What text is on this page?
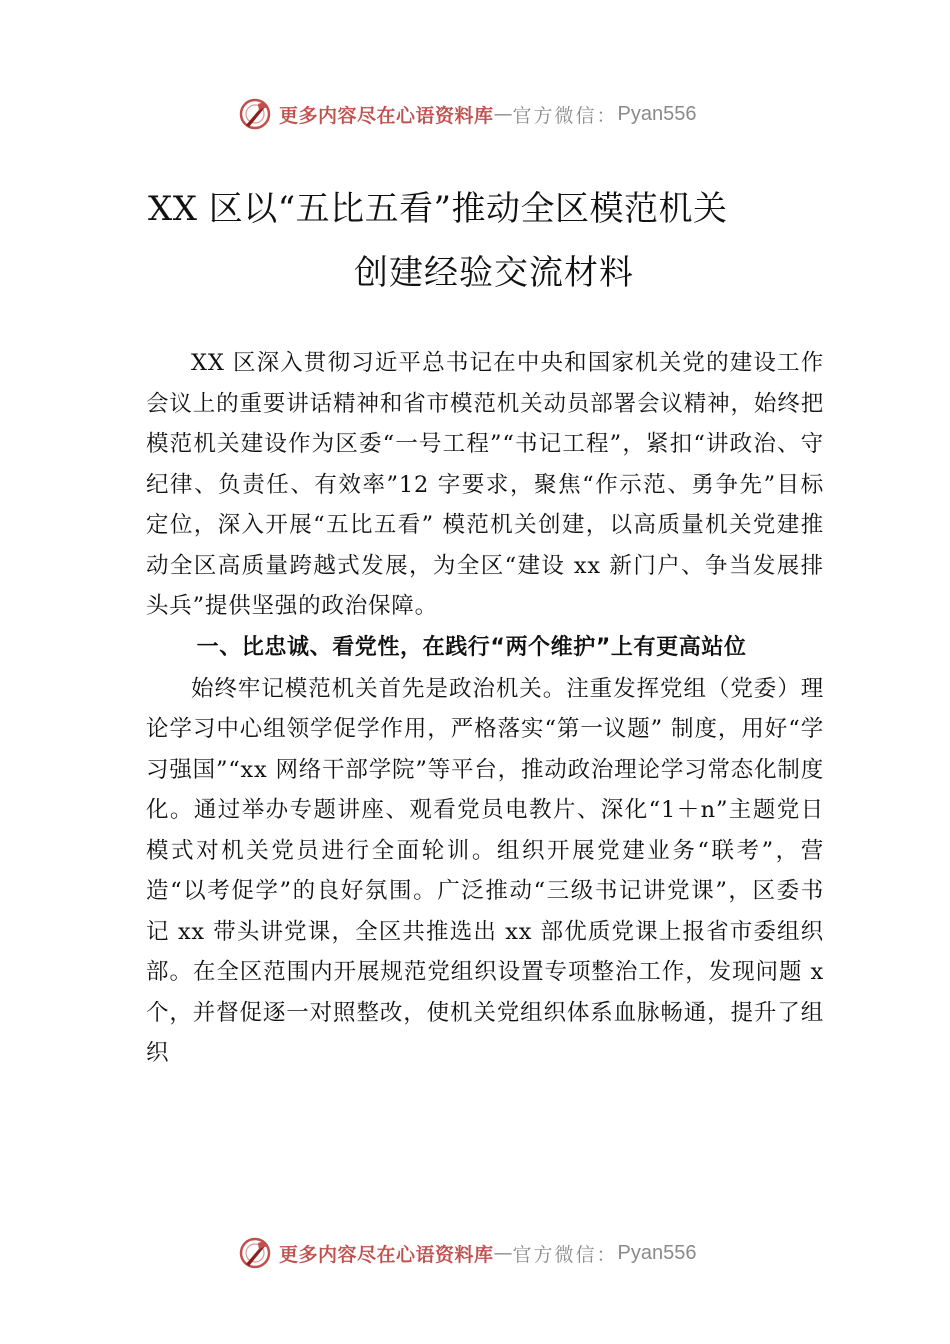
更多内容尽在心语资料库 — 官方微信： Pyan556
XX 区以“五比五看”推动全区模范机关
创建经验交流材料

XX 区深入贯彻习近平总书记在中央和国家机关党的建设工作会议上的重要讲话精神和省市模范机关动员部署会议精神，始终把模范机关建设作为区委“一号工程”“书记工程”，紧扣“讲政治、守纪律、负责任、有效率”12 字要求，聚焦“作示范、勇争先”目标定位，深入开展“五比五看” 模范机关创建，以高质量机关党建推动全区高质量跨越式发展，为全区“建设 xx 新门户、争当发展排头兵”提供坚强的政治保障。

一、比忠诚、看党性，在践行“两个维护”上有更高站位

始终牢记模范机关首先是政治机关。注重发挥党组（党委）理论学习中心组领学促学作用，严格落实“第一议题” 制度，用好“学习强国”“xx 网络干部学院”等平台，推动政治理论学习常态化制度化。通过举办专题讲座、观看党员电教片、深化“1＋n”主题党日模式对机关党员进行全面轮训。组织开展党建业务“联考”，营造“以考促学”的良好氛围。广泛推动“三级书记讲党课”，区委书记 xx 带头讲党课，全区共推选出 xx 部优质党课上报省市委组织部。在全区范围内开展规范党组织设置专项整治工作，发现问题 x 个，并督促逐一对照整改，使机关党组织体系血脉畅通，提升了组织

更多内容尽在心语资料库 — 官方微信： Pyan556
